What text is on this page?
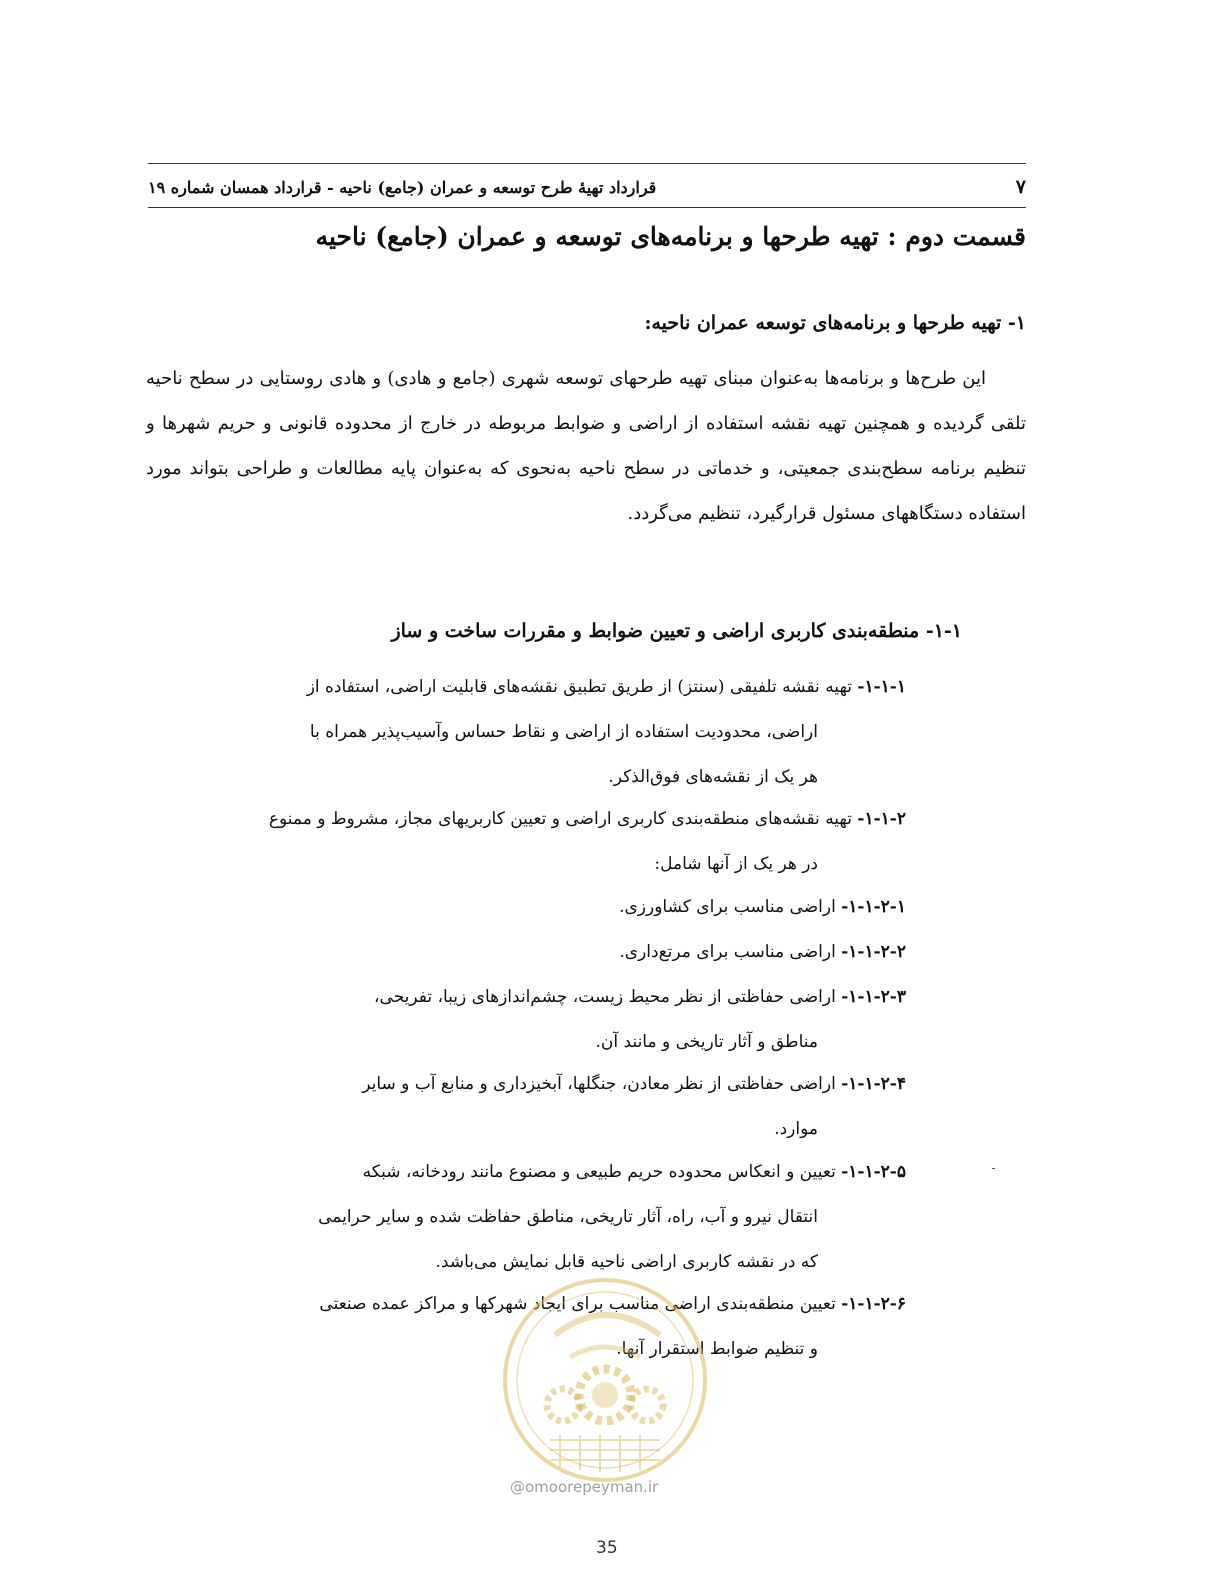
۷
قرارداد تهیهٔ طرح توسعه و عمران (جامع) ناحیه - قرارداد همسان شماره ۱۹
قسمت دوم : تهیه طرحها و برنامه‌های توسعه و عمران (جامع) ناحیه
۱- تهیه طرحها و برنامه‌های توسعه عمران ناحیه:
این طرح‌ها و برنامه‌ها به‌عنوان مبنای تهیه طرحهای توسعه شهری (جامع و هادی) و هادی روستایی در سطح ناحیه تلقی گردیده و همچنین تهیه نقشه استفاده از اراضی و ضوابط مربوطه در خارج از محدوده قانونی و حریم شهرها و تنظیم برنامه سطح‌بندی جمعیتی، و خدماتی در سطح ناحیه به‌نحوی که به‌عنوان پایه مطالعات و طراحی بتواند مورد استفاده دستگاههای مسئول قرارگیرد، تنظیم می‌گردد.
۱-۱- منطقه‌بندی کاربری اراضی و تعیین ضوابط و مقررات ساخت و ساز
۱-۱-۱- تهیه نقشه تلفیقی (سنتز) از طریق تطبیق نقشه‌های قابلیت اراضی، استفاده از
اراضی، محدودیت استفاده از اراضی و نقاط حساس وآسیب‌پذیر همراه با
هر یک از نقشه‌های فوق‌الذکر.
۱-۱-۲- تهیه نقشه‌های منطقه‌بندی کاربری اراضی و تعیین کاربریهای مجاز، مشروط و ممنوع
در هر یک از آنها شامل:
۱-۱-۲-۱- اراضی مناسب برای کشاورزی.
۱-۱-۲-۲- اراضی مناسب برای مرتع‌داری.
۱-۱-۲-۳- اراضی حفاظتی از نظر محیط زیست، چشم‌اندازهای زیبا، تفریحی،
مناطق و آثار تاریخی و مانند آن.
۱-۱-۲-۴- اراضی حفاظتی از نظر معادن، جنگلها، آبخیزداری و منابع آب و سایر
موارد.
۱-۱-۲-۵- تعیین و انعکاس محدوده حریم طبیعی و مصنوع مانند رودخانه، شبکه
انتقال نیرو و آب، راه، آثار تاریخی، مناطق حفاظت شده و سایر حرایمی
که در نقشه کاربری اراضی ناحیه قابل نمایش می‌باشد.
۱-۱-۲-۶- تعیین منطقه‌بندی اراضی مناسب برای ایجاد شهرکها و مراکز عمده صنعتی
و تنظیم ضوابط استقرار آنها.
@omoorepeyman.ir
35
